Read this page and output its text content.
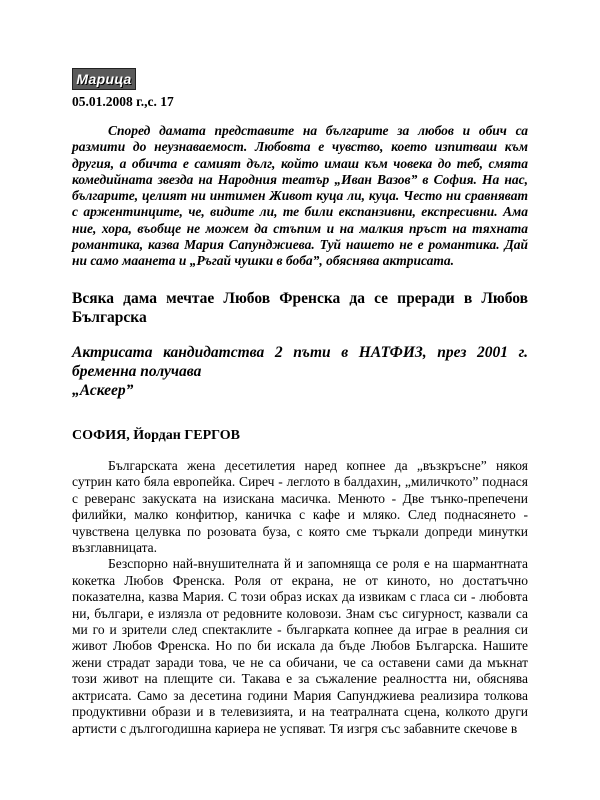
Марица
05.01.2008 г.,с. 17

Според дамата представите на българите за любов и обич са размити до неузнаваемост. Любовта е чувство, което изпитваш към другия, а обичта е самият дълг, който имаш към човека до теб, смята комедийната звезда на Народния театър „Иван Вазов” в София. На нас, българите, целият ни интимен Живот куца ли, куца. Често ни сравняват с аржентинците, че, видите ли, те били експанзивни, експресивни. Ама ние, хора, въобще не можем да стъпим и на малкия пръст на тяхната романтика, казва Мария Сапунджиева. Туй нашето не е романтика. Дай ни само маанета и „Ръгай чушки в боба”, обяснява актрисата.

Всяка дама мечтае Любов Френска да се преради в Любов Българска

Актрисата кандидатства 2 пъти в НАТФИЗ, през 2001 г. бременна получава

„Аскеер”

СОФИЯ, Йордан ГЕРГОВ

Българската жена десетилетия наред копнее да „възкръсне” някоя сутрин като бяла европейка. Сиреч - леглото в балдахин, „миличкото” поднася с реверанс закуската на изискана масичка. Менюто - Две тънко-препечени филийки, малко конфитюр, каничка с кафе и мляко. След поднасянето - чувствена целувка по розовата буза, с която сме търкали допреди минутки възглавницата.

Безспорно най-внушителната й и запомняща се роля е на шармантната кокетка Любов Френска. Роля от екрана, не от киното, но достатъчно показателна, казва Мария. С този образ исках да извикам с гласа си - любовта ни, българи, е излязла от редовните коловози. Знам със сигурност, казвали са ми го и зрители след спектаклите - българката копнее да играе в реалния си живот Любов Френска. Но по би искала да бъде Любов Българска. Нашите жени страдат заради това, че не са обичани, че са оставени сами да мъкнат този живот на плещите си. Такава е за съжаление реалността ни, обяснява актрисата. Само за десетина години Мария Сапунджиева реализира толкова продуктивни образи и в телевизията, и на театралната сцена, колкото други артисти с дългогодишна кариера не успяват. Тя изгря със забавните скечове в
